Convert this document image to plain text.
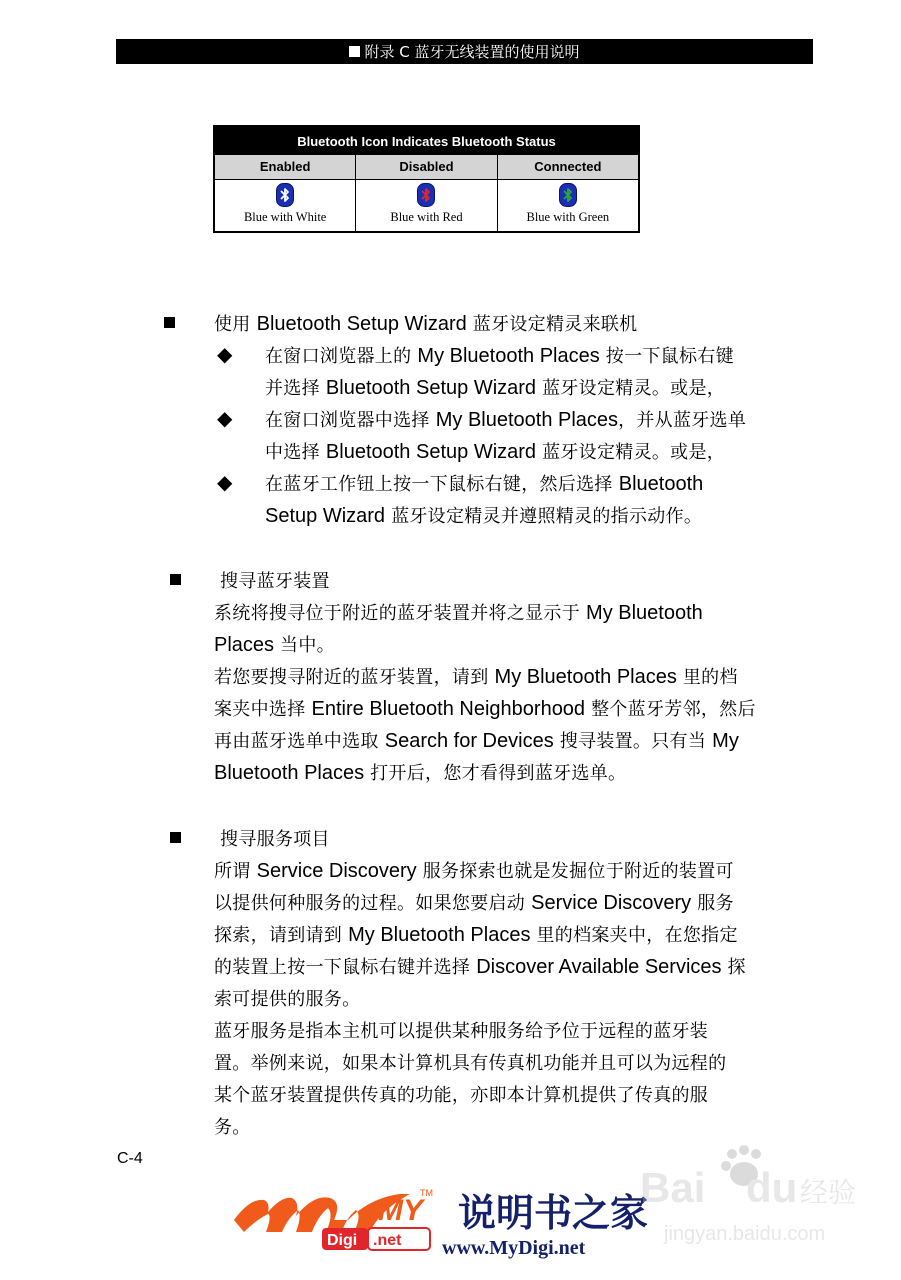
附录 C 蓝牙无线装置的使用说明
Bluetooth Icon Indicates Bluetooth Status
Enabled
Blue with White
Disabled
Blue with Red
Connected
Blue with Green
使用 Bluetooth Setup Wizard 蓝牙设定精灵来联机
◆ 在窗口浏览器上的 My Bluetooth Places 按一下鼠标右键
并选择 Bluetooth Setup Wizard 蓝牙设定精灵。或是，
◆ 在窗口浏览器中选择 My Bluetooth Places，并从蓝牙选单
中选择 Bluetooth Setup Wizard 蓝牙设定精灵。或是，
◆ 在蓝牙工作钮上按一下鼠标右键，然后选择 Bluetooth
Setup Wizard 蓝牙设定精灵并遵照精灵的指示动作。
搜寻蓝牙装置
系统将搜寻位于附近的蓝牙装置并将之显示于 My Bluetooth
Places 当中。
若您要搜寻附近的蓝牙装置，请到 My Bluetooth Places 里的档
案夹中选择 Entire Bluetooth Neighborhood 整个蓝牙芳邻，然后
再由蓝牙选单中选取 Search for Devices 搜寻装置。只有当 My
Bluetooth Places 打开后，您才看得到蓝牙选单。
搜寻服务项目
所谓 Service Discovery 服务探索也就是发掘位于附近的装置可
以提供何种服务的过程。如果您要启动 Service Discovery 服务
探索，请到请到 My Bluetooth Places 里的档案夹中，在您指定
的装置上按一下鼠标右键并选择 Discover Available Services 探
索可提供的服务。
蓝牙服务是指本主机可以提供某种服务给予位于远程的蓝牙装
置。举例来说，如果本计算机具有传真机功能并且可以为远程的
某个蓝牙装置提供传真的功能，亦即本计算机提供了传真的服
务。
C-4
MY
TM
Digi .net
说明书之家
www.MyDigi.net
Bai du 经验
jingyan.baidu.com
